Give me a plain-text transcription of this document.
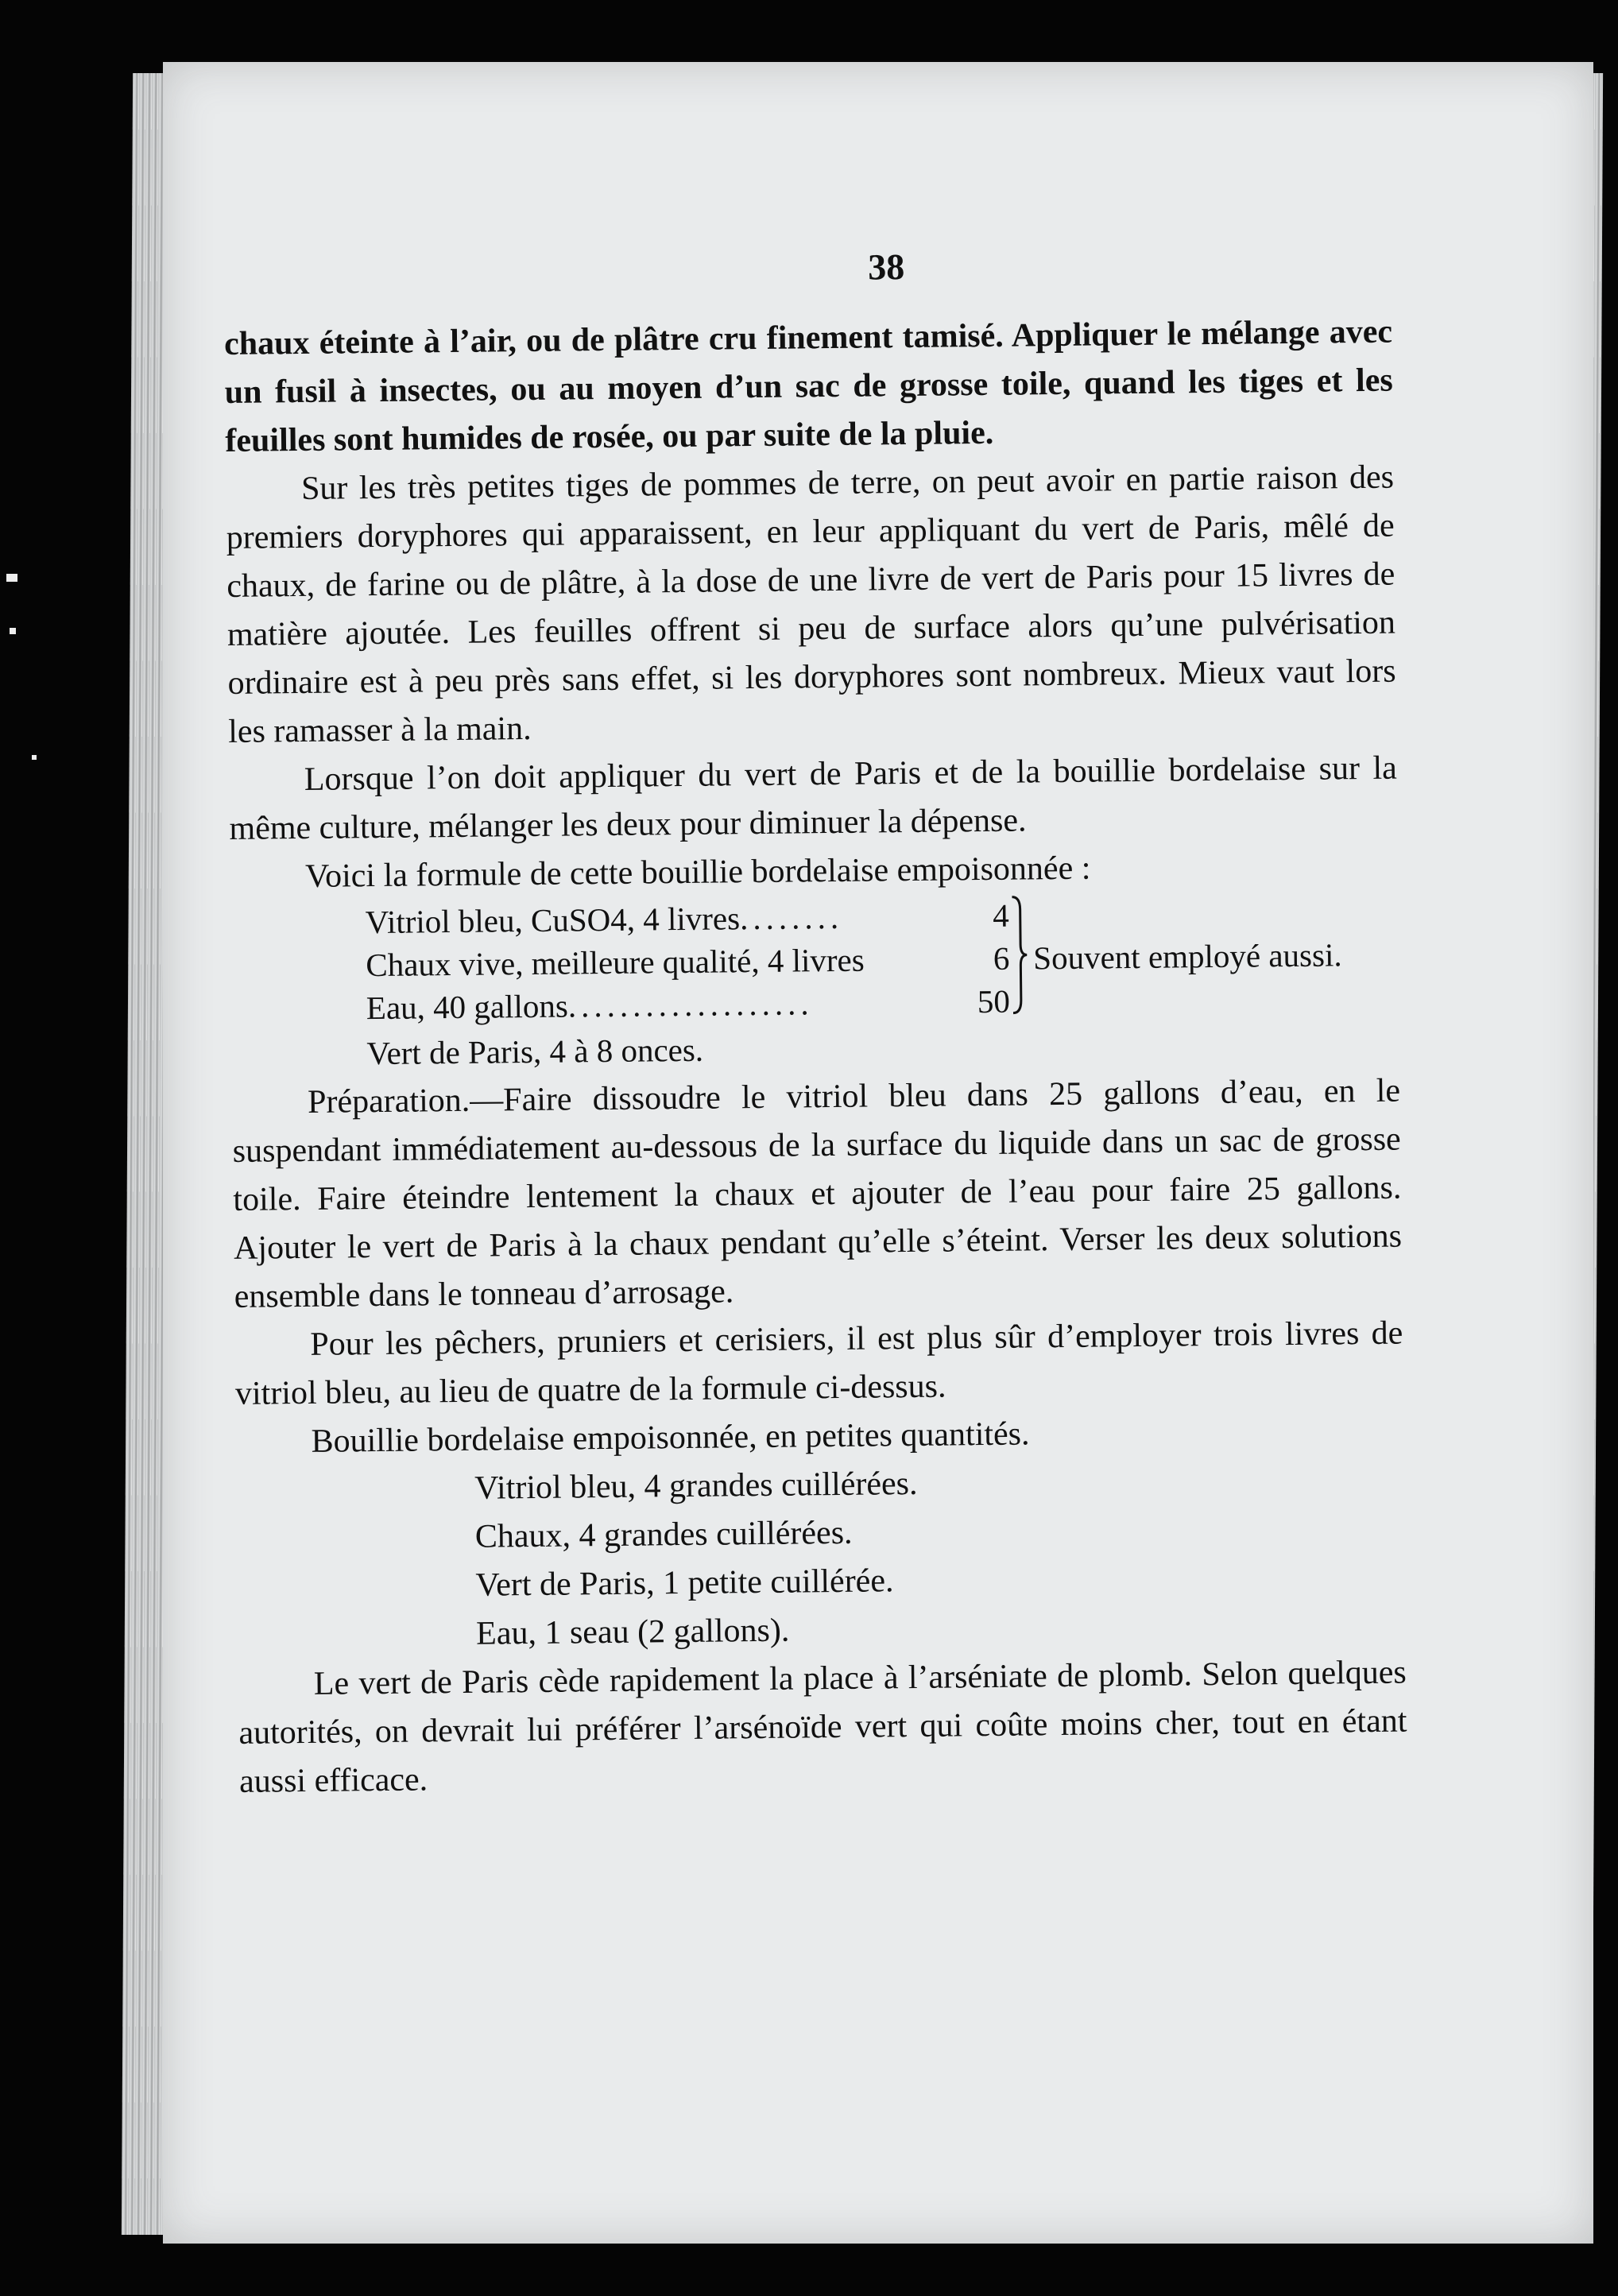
38

chaux éteinte à l’air, ou de plâtre cru finement tamisé. Appliquer le mélange avec un fusil à insectes, ou au moyen d’un sac de grosse toile, quand les tiges et les feuilles sont humides de rosée, ou par suite de la pluie.

Sur les très petites tiges de pommes de terre, on peut avoir en partie raison des premiers doryphores qui apparaissent, en leur appliquant du vert de Paris, mêlé de chaux, de farine ou de plâtre, à la dose de une livre de vert de Paris pour 15 livres de matière ajoutée. Les feuilles offrent si peu de surface alors qu’une pulvérisation ordinaire est à peu près sans effet, si les doryphores sont nombreux. Mieux vaut lors les ramasser à la main.

Lorsque l’on doit appliquer du vert de Paris et de la bouillie bordelaise sur la même culture, mélanger les deux pour diminuer la dépense.

Voici la formule de cette bouillie bordelaise empoisonnée :

Vitriol bleu, CuSO4, 4 livres ........	4
Chaux vive, meilleure qualité, 4 livres	6
Eau, 40 gallons ...................	50
Souvent employé aussi.
Vert de Paris, 4 à 8 onces.

Préparation.—Faire dissoudre le vitriol bleu dans 25 gallons d’eau, en le suspendant immédiatement au-dessous de la surface du liquide dans un sac de grosse toile. Faire éteindre lentement la chaux et ajouter de l’eau pour faire 25 gallons. Ajouter le vert de Paris à la chaux pendant qu’elle s’éteint. Verser les deux solutions ensemble dans le tonneau d’arrosage.

Pour les pêchers, pruniers et cerisiers, il est plus sûr d’employer trois livres de vitriol bleu, au lieu de quatre de la formule ci-dessus.

Bouillie bordelaise empoisonnée, en petites quantités.
Vitriol bleu, 4 grandes cuillérées.
Chaux, 4 grandes cuillérées.
Vert de Paris, 1 petite cuillérée.
Eau, 1 seau (2 gallons).

Le vert de Paris cède rapidement la place à l’arséniate de plomb. Selon quelques autorités, on devrait lui préférer l’arsénoïde vert qui coûte moins cher, tout en étant aussi efficace.
